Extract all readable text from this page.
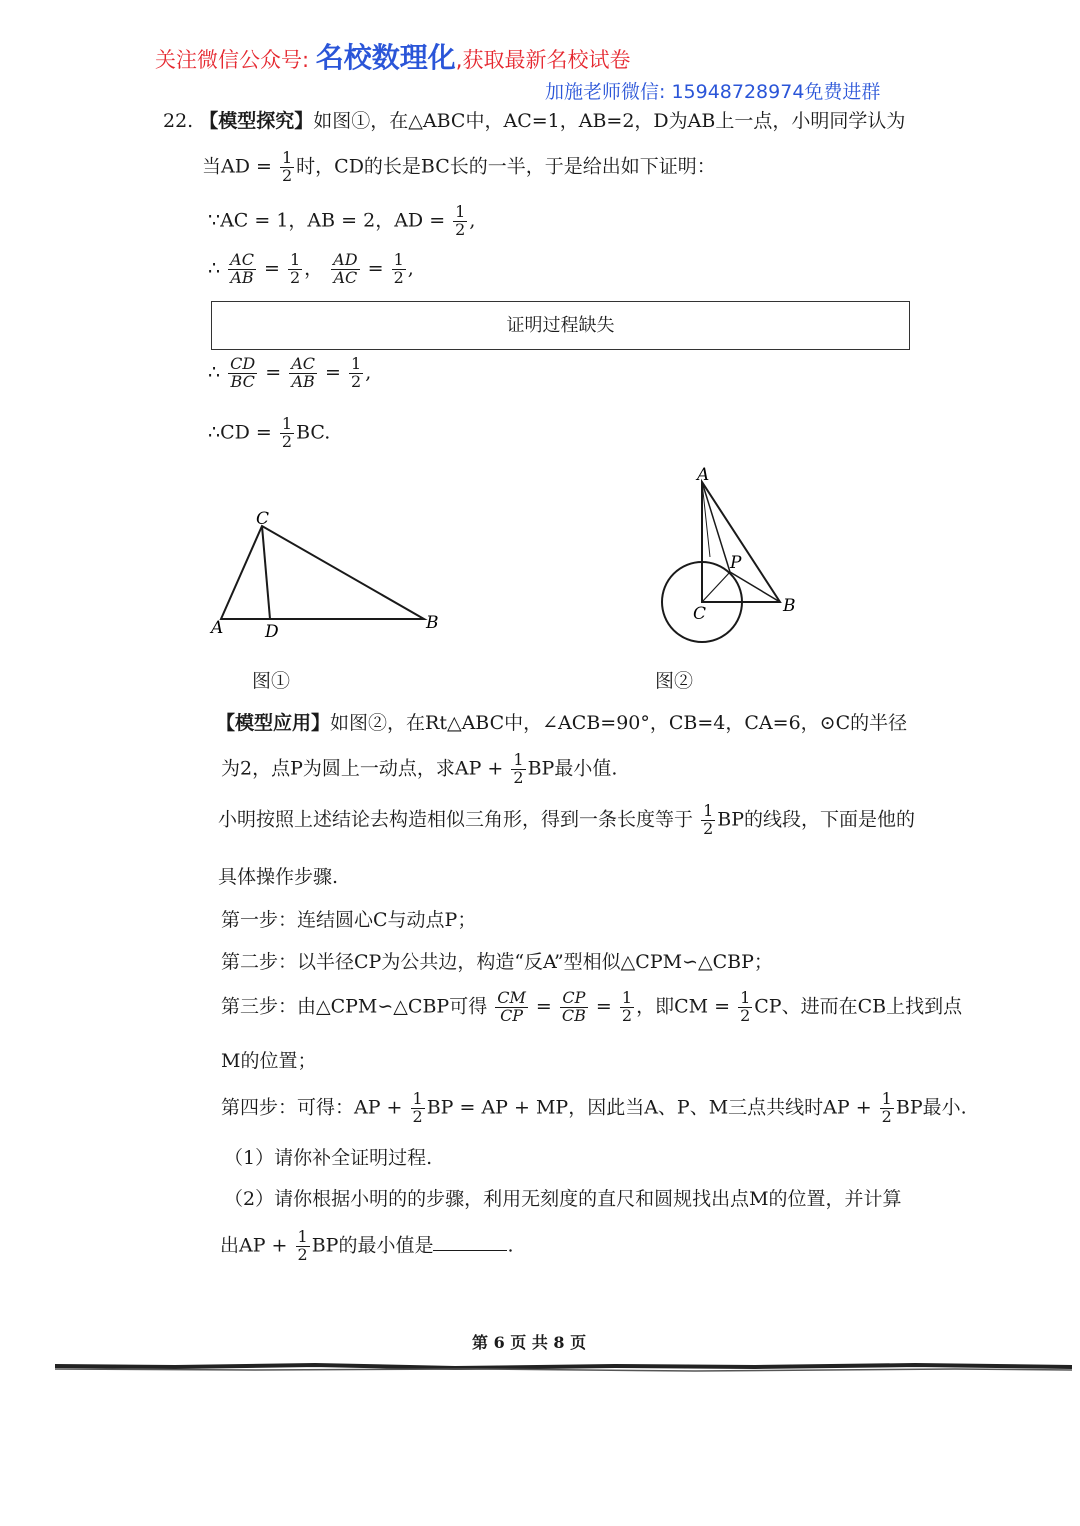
关注微信公众号: 名校数理化,获取最新名校试卷
加施老师微信: 15948728974免费进群
22. 【模型探究】如图①，在△ABC中，AC=1，AB=2，D为AB上一点，小明同学认为
当AD = $\frac{1}{2}$ 时，CD的长是BC长的一半，于是给出如下证明：
∵AC = 1，AB = 2，AD = $\frac{1}{2}$ ,
∴ $\frac{AC}{AB} = \frac{1}{2}$ ， $\frac{AD}{AC} = \frac{1}{2}$ ,
证明过程缺失
∴ $\frac{CD}{BC} = \frac{AC}{AB} = \frac{1}{2}$ ,
∴CD = $\frac{1}{2}$ BC.
C
A D	B
图①
A
P
C	B
图②
【模型应用】如图②，在Rt△ABC中，∠ACB=90°，CB=4，CA=6，⊙C的半径
为2，点P为圆上一动点，求AP + $\frac{1}{2}$ BP最小值.
小明按照上述结论去构造相似三角形，得到一条长度等于 $\frac{1}{2}$ BP的线段，下面是他的
具体操作步骤.
第一步：连结圆心C与动点P；
第二步：以半径CP为公共边，构造“反A”型相似△CPM∽△CBP；
第三步：由△CPM∽△CBP可得 $\frac{CM}{CP} = \frac{CP}{CB} = \frac{1}{2}$ ，即CM = $\frac{1}{2}$ CP、进而在CB上找到点
M的位置；
第四步：可得：AP + $\frac{1}{2}$ BP = AP + MP，因此当A、P、M三点共线时AP + $\frac{1}{2}$ BP最小.
（1）请你补全证明过程.
（2）请你根据小明的的步骤，利用无刻度的直尺和圆规找出点M的位置，并计算
出AP + $\frac{1}{2}$ BP的最小值是	.
第 6 页 共 8 页
